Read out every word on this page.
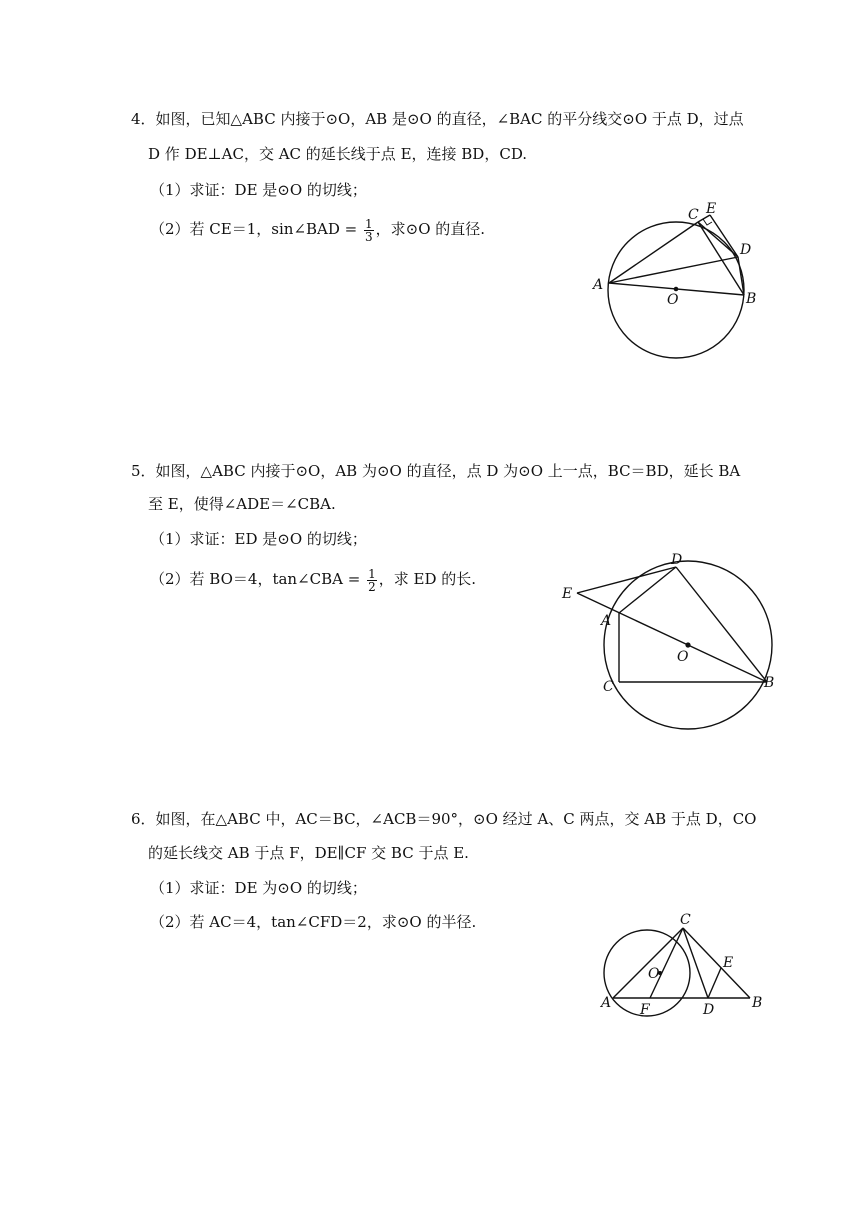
4．如图，已知△ABC 内接于⊙O，AB 是⊙O 的直径，∠BAC 的平分线交⊙O 于点 D，过点
D 作 DE⊥AC，交 AC 的延长线于点 E，连接 BD，CD.
（1）求证：DE 是⊙O 的切线；
（2）若 CE＝1，sin∠BAD = $\frac{1}{3}$ ，求⊙O 的直径.
A
B
C
D
E
O
5．如图，△ABC 内接于⊙O，AB 为⊙O 的直径，点 D 为⊙O 上一点，BC＝BD，延长 BA
至 E，使得∠ADE＝∠CBA.
（1）求证：ED 是⊙O 的切线；
（2）若 BO＝4，tan∠CBA = $\frac{1}{2}$ ，求 ED 的长.
E
D
A
O
C	B
6．如图，在△ABC 中，AC＝BC，∠ACB＝90°，⊙O 经过 A、C 两点，交 AB 于点 D，CO
的延长线交 AB 于点 F，DE∥CF 交 BC 于点 E.
（1）求证：DE 为⊙O 的切线；
（2）若 AC＝4，tan∠CFD＝2，求⊙O 的半径.	C
O
E
A F	D	B
